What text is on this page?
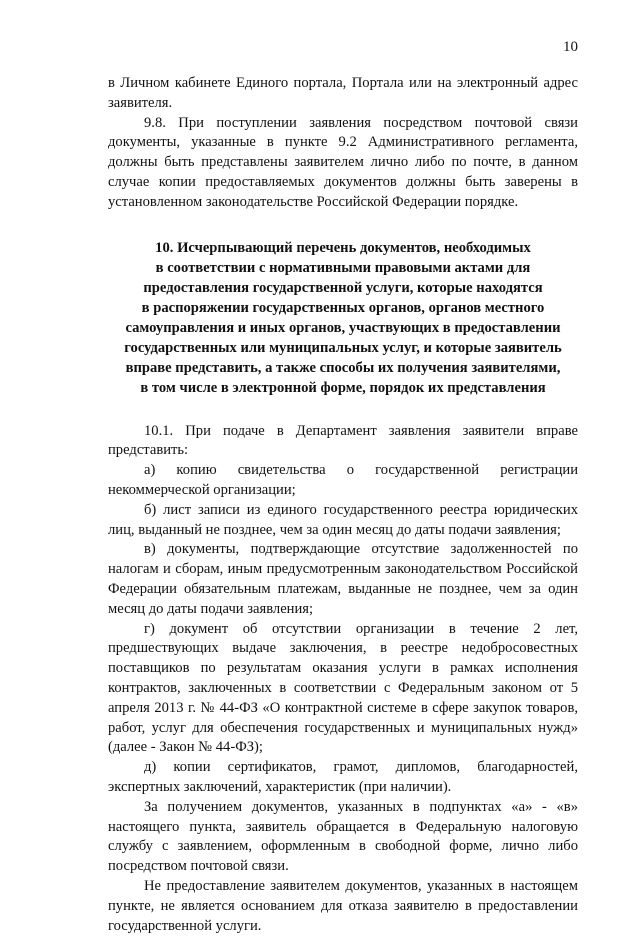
10

в Личном кабинете Единого портала, Портала или на электронный адрес заявителя.

9.8. При поступлении заявления посредством почтовой связи документы, указанные в пункте 9.2 Административного регламента, должны быть представлены заявителем лично либо по почте, в данном случае копии предоставляемых документов должны быть заверены в установленном законодательстве Российской Федерации порядке.

10. Исчерпывающий перечень документов, необходимых
в соответствии с нормативными правовыми актами для
предоставления государственной услуги, которые находятся
в распоряжении государственных органов, органов местного
самоуправления и иных органов, участвующих в предоставлении
государственных или муниципальных услуг, и которые заявитель
вправе представить, а также способы их получения заявителями,
в том числе в электронной форме, порядок их представления

10.1. При подаче в Департамент заявления заявители вправе представить:

а) копию свидетельства о государственной регистрации некоммерческой организации;

б) лист записи из единого государственного реестра юридических лиц, выданный не позднее, чем за один месяц до даты подачи заявления;

в) документы, подтверждающие отсутствие задолженностей по налогам и сборам, иным предусмотренным законодательством Российской Федерации обязательным платежам, выданные не позднее, чем за один месяц до даты подачи заявления;

г) документ об отсутствии организации в течение 2 лет, предшествующих выдаче заключения, в реестре недобросовестных поставщиков по результатам оказания услуги в рамках исполнения контрактов, заключенных в соответствии с Федеральным законом от 5 апреля 2013 г. № 44-ФЗ «О контрактной системе в сфере закупок товаров, работ, услуг для обеспечения государственных и муниципальных нужд» (далее - Закон № 44-ФЗ);

д) копии сертификатов, грамот, дипломов, благодарностей, экспертных заключений, характеристик (при наличии).

За получением документов, указанных в подпунктах «а» - «в» настоящего пункта, заявитель обращается в Федеральную налоговую службу с заявлением, оформленным в свободной форме, лично либо посредством почтовой связи.

Не предоставление заявителем документов, указанных в настоящем пункте, не является основанием для отказа заявителю в предоставлении государственной услуги.
